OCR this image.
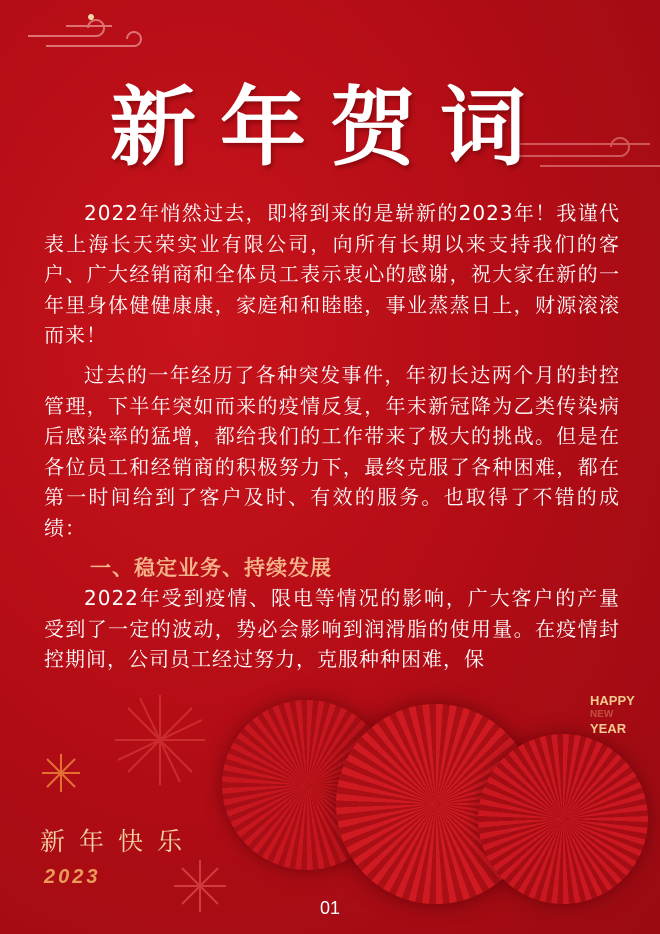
新年贺词
2022年悄然过去，即将到来的是崭新的2023年！我谨代表上海长天荣实业有限公司，向所有长期以来支持我们的客户、广大经销商和全体员工表示衷心的感谢，祝大家在新的一年里身体健健康康，家庭和和睦睦，事业蒸蒸日上，财源滚滚而来！
过去的一年经历了各种突发事件，年初长达两个月的封控管理，下半年突如而来的疫情反复，年末新冠降为乙类传染病后感染率的猛增，都给我们的工作带来了极大的挑战。但是在各位员工和经销商的积极努力下，最终克服了各种困难，都在第一时间给到了客户及时、有效的服务。也取得了不错的成绩：
一、稳定业务、持续发展
2022年受到疫情、限电等情况的影响，广大客户的产量受到了一定的波动，势必会影响到润滑脂的使用量。在疫情封控期间，公司员工经过努力，克服种种困难，保
HAPPY
NEW
YEAR
新年快乐
2023
01
